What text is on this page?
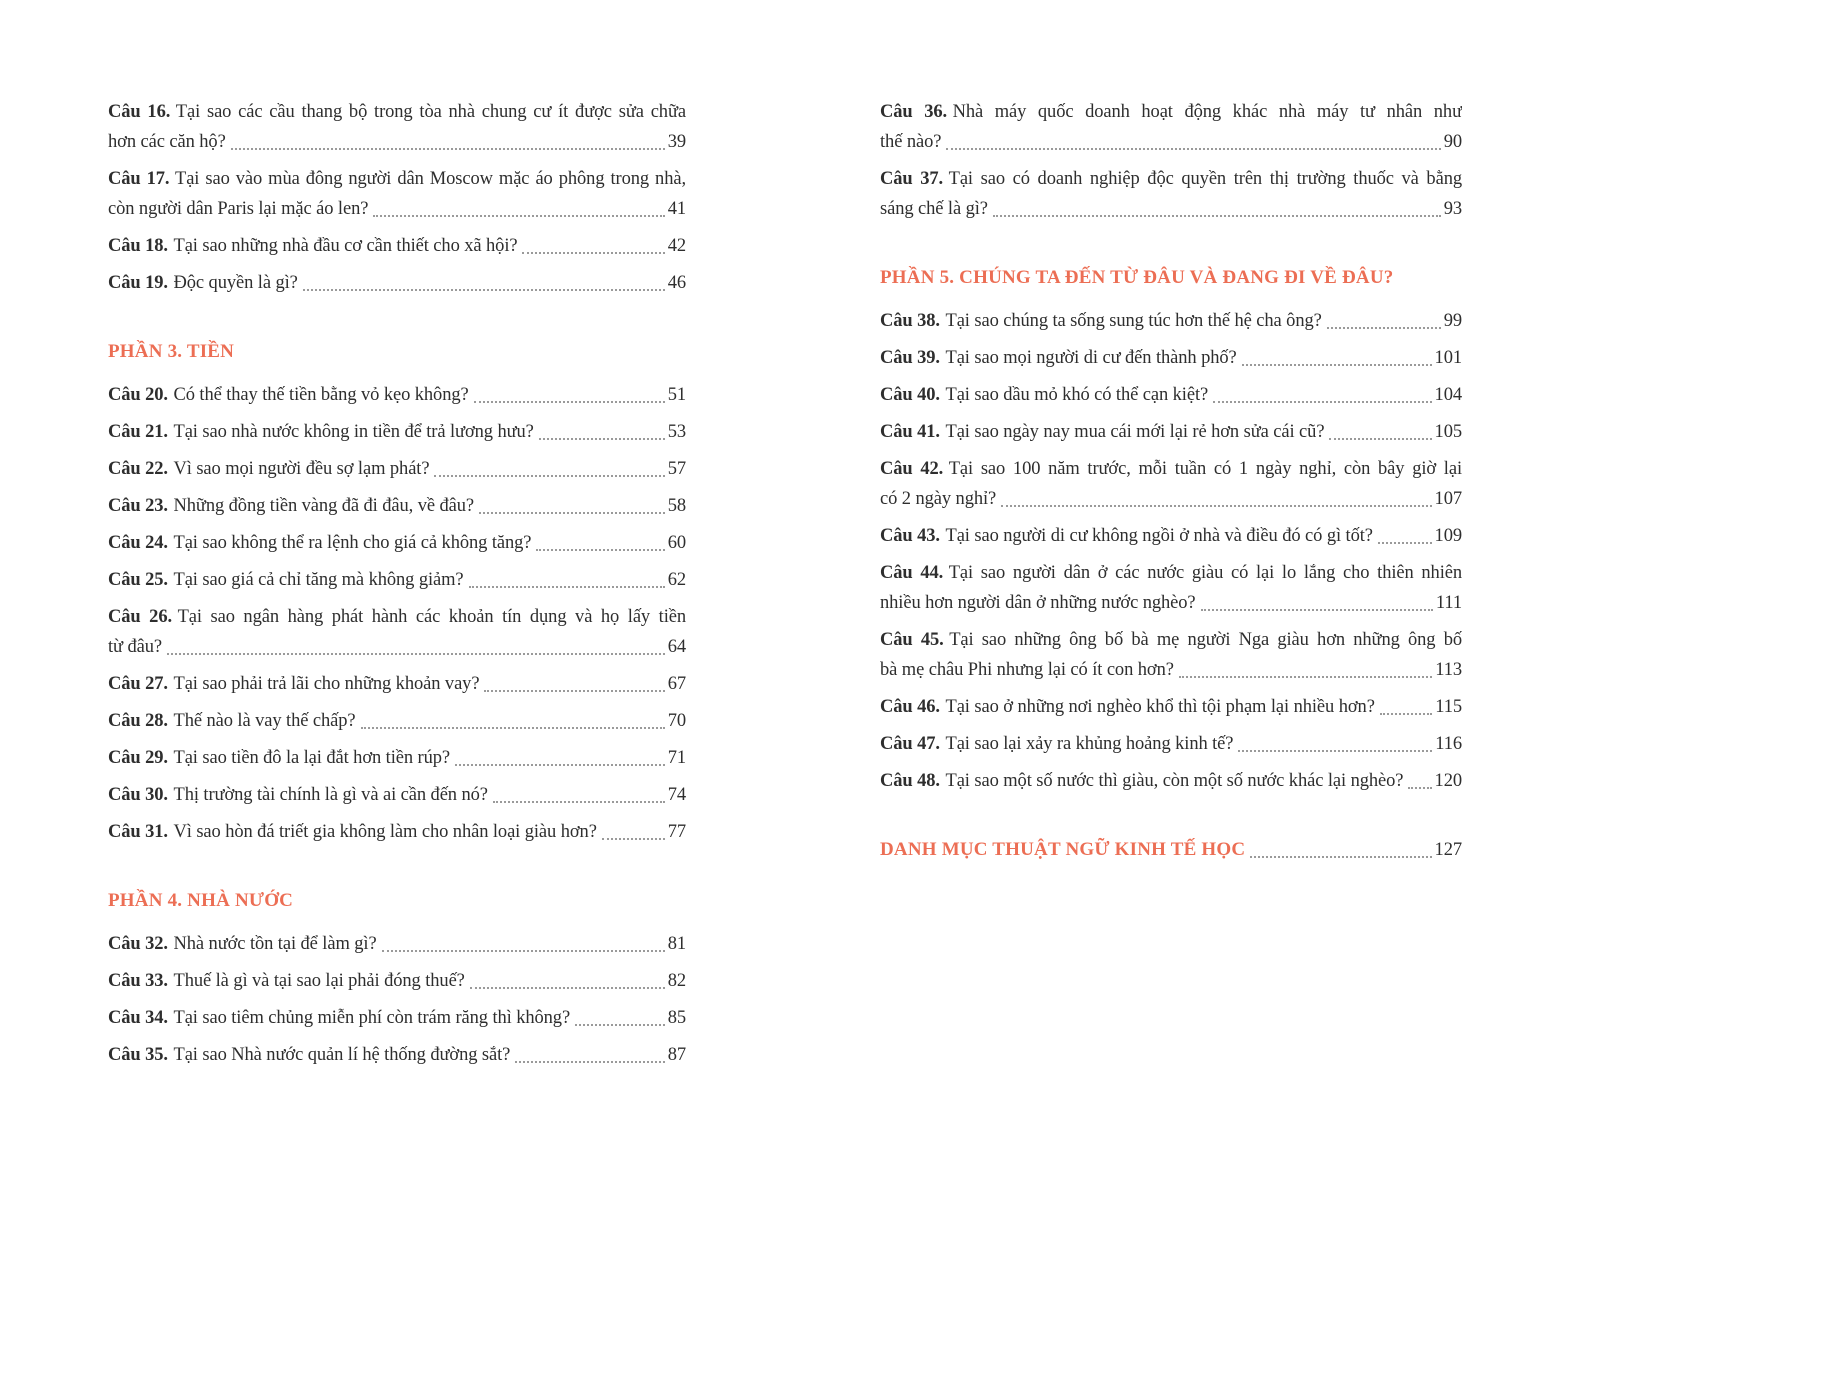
Câu 16. Tại sao các cầu thang bộ trong tòa nhà chung cư ít được sửa chữa
hơn các căn hộ?	39
Câu 17. Tại sao vào mùa đông người dân Moscow mặc áo phông trong nhà,
còn người dân Paris lại mặc áo len?	41
Câu 18. Tại sao những nhà đầu cơ cần thiết cho xã hội?	42
Câu 19. Độc quyền là gì?	46
PHẦN 3. TIỀN
Câu 20. Có thể thay thế tiền bằng vỏ kẹo không?	51
Câu 21. Tại sao nhà nước không in tiền để trả lương hưu?	53
Câu 22. Vì sao mọi người đều sợ lạm phát?	57
Câu 23. Những đồng tiền vàng đã đi đâu, về đâu?	58
Câu 24. Tại sao không thể ra lệnh cho giá cả không tăng?	60
Câu 25. Tại sao giá cả chỉ tăng mà không giảm?	62
Câu 26. Tại sao ngân hàng phát hành các khoản tín dụng và họ lấy tiền
từ đâu?	64
Câu 27. Tại sao phải trả lãi cho những khoản vay?	67
Câu 28. Thế nào là vay thế chấp?	70
Câu 29. Tại sao tiền đô la lại đắt hơn tiền rúp?	71
Câu 30. Thị trường tài chính là gì và ai cần đến nó?	74
Câu 31. Vì sao hòn đá triết gia không làm cho nhân loại giàu hơn?	77
PHẦN 4. NHÀ NƯỚC
Câu 32. Nhà nước tồn tại để làm gì?	81
Câu 33. Thuế là gì và tại sao lại phải đóng thuế?	82
Câu 34. Tại sao tiêm chủng miễn phí còn trám răng thì không?	85
Câu 35. Tại sao Nhà nước quản lí hệ thống đường sắt?	87
Câu 36. Nhà máy quốc doanh hoạt động khác nhà máy tư nhân như
thế nào?	90
Câu 37. Tại sao có doanh nghiệp độc quyền trên thị trường thuốc và bằng
sáng chế là gì?	93
PHẦN 5. CHÚNG TA ĐẾN TỪ ĐÂU VÀ ĐANG ĐI VỀ ĐÂU?
Câu 38. Tại sao chúng ta sống sung túc hơn thế hệ cha ông?	99
Câu 39. Tại sao mọi người di cư đến thành phố?	101
Câu 40. Tại sao dầu mỏ khó có thể cạn kiệt?	104
Câu 41. Tại sao ngày nay mua cái mới lại rẻ hơn sửa cái cũ?	105
Câu 42. Tại sao 100 năm trước, mỗi tuần có 1 ngày nghỉ, còn bây giờ lại
có 2 ngày nghỉ?	107
Câu 43. Tại sao người di cư không ngồi ở nhà và điều đó có gì tốt?	109
Câu 44. Tại sao người dân ở các nước giàu có lại lo lắng cho thiên nhiên
nhiều hơn người dân ở những nước nghèo?	111
Câu 45. Tại sao những ông bố bà mẹ người Nga giàu hơn những ông bố
bà mẹ châu Phi nhưng lại có ít con hơn?	113
Câu 46. Tại sao ở những nơi nghèo khổ thì tội phạm lại nhiều hơn?	115
Câu 47. Tại sao lại xảy ra khủng hoảng kinh tế?	116
Câu 48. Tại sao một số nước thì giàu, còn một số nước khác lại nghèo? 120
DANH MỤC THUẬT NGỮ KINH TẾ HỌC	127
